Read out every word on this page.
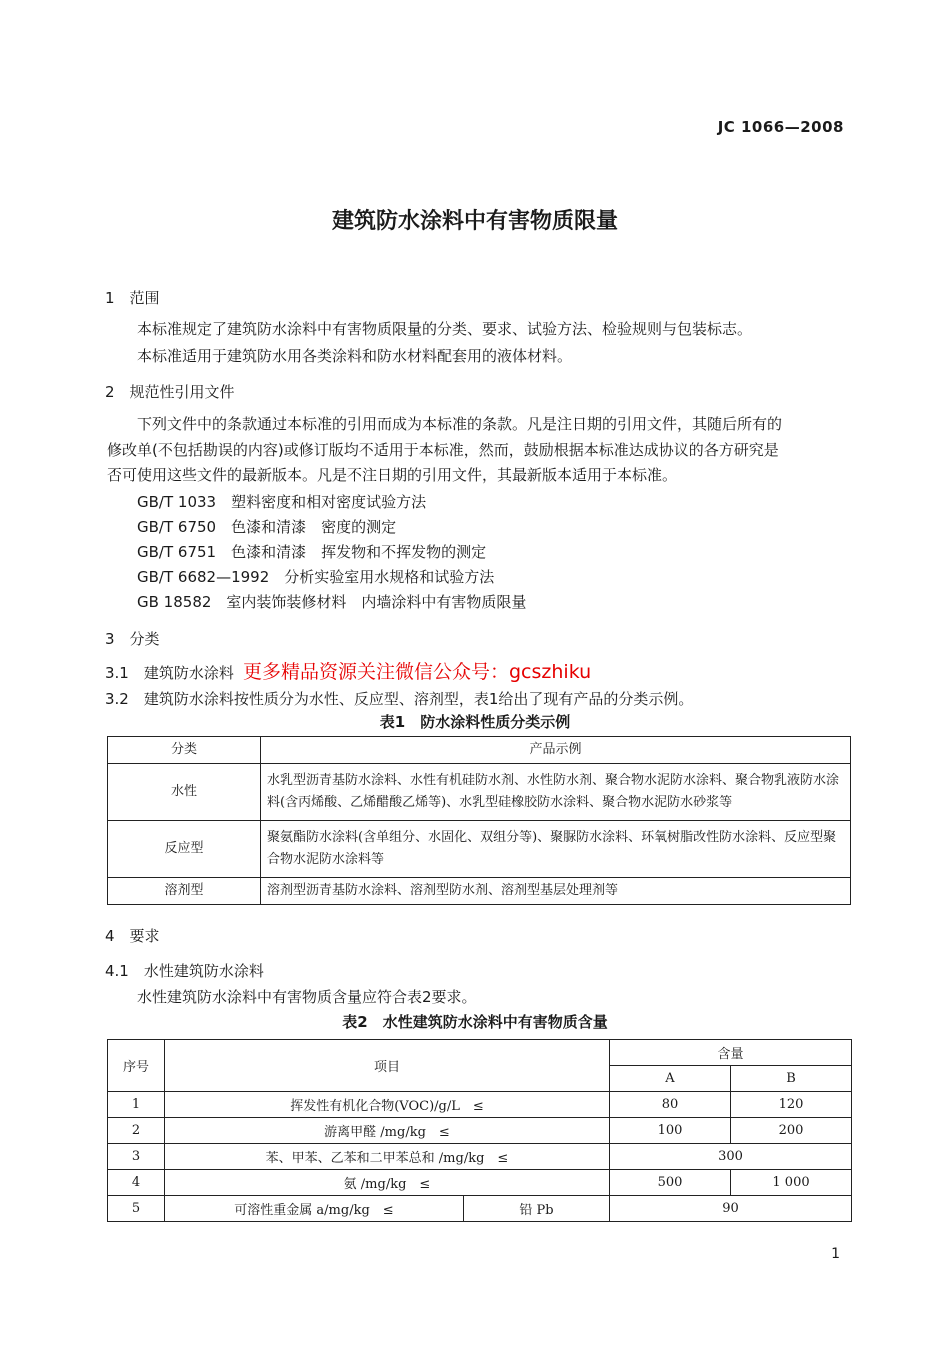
JC 1066—2008
建筑防水涂料中有害物质限量
1　范围
本标准规定了建筑防水涂料中有害物质限量的分类、要求、试验方法、检验规则与包装标志。
本标准适用于建筑防水用各类涂料和防水材料配套用的液体材料。
2　规范性引用文件
下列文件中的条款通过本标准的引用而成为本标准的条款。凡是注日期的引用文件，其随后所有的
修改单(不包括勘误的内容)或修订版均不适用于本标准，然而，鼓励根据本标准达成协议的各方研究是
否可使用这些文件的最新版本。凡是不注日期的引用文件，其最新版本适用于本标准。
GB/T 1033　塑料密度和相对密度试验方法
GB/T 6750　色漆和清漆　密度的测定
GB/T 6751　色漆和清漆　挥发物和不挥发物的测定
GB/T 6682—1992　分析实验室用水规格和试验方法
GB 18582　室内装饰装修材料　内墙涂料中有害物质限量
3　分类
3.1　建筑防水涂料 更多精品资源关注微信公众号：gcszhiku
3.2　建筑防水涂料按性质分为水性、反应型、溶剂型，表1给出了现有产品的分类示例。
表1　防水涂料性质分类示例
分类	产品示例
水性	水乳型沥青基防水涂料、水性有机硅防水剂、水性防水剂、聚合物水泥防水涂料、聚合物乳液防水涂料(含丙烯酸、乙烯醋酸乙烯等)、水乳型硅橡胶防水涂料、聚合物水泥防水砂浆等
反应型	聚氨酯防水涂料(含单组分、水固化、双组分等)、聚脲防水涂料、环氧树脂改性防水涂料、反应型聚合物水泥防水涂料等
溶剂型	溶剂型沥青基防水涂料、溶剂型防水剂、溶剂型基层处理剂等
4　要求
4.1　水性建筑防水涂料
水性建筑防水涂料中有害物质含量应符合表2要求。
表2　水性建筑防水涂料中有害物质含量
序号	项目		含量	
			A	B
1	挥发性有机化合物(VOC)/g/L　≤		80	120
2	游离甲醛 /mg/kg　≤		100	200
3	苯、甲苯、乙苯和二甲苯总和 /mg/kg　≤		300	
4	氨 /mg/kg　≤		500	1 000
5	可溶性重金属 a/mg/kg　≤	铅 Pb	90	
1
